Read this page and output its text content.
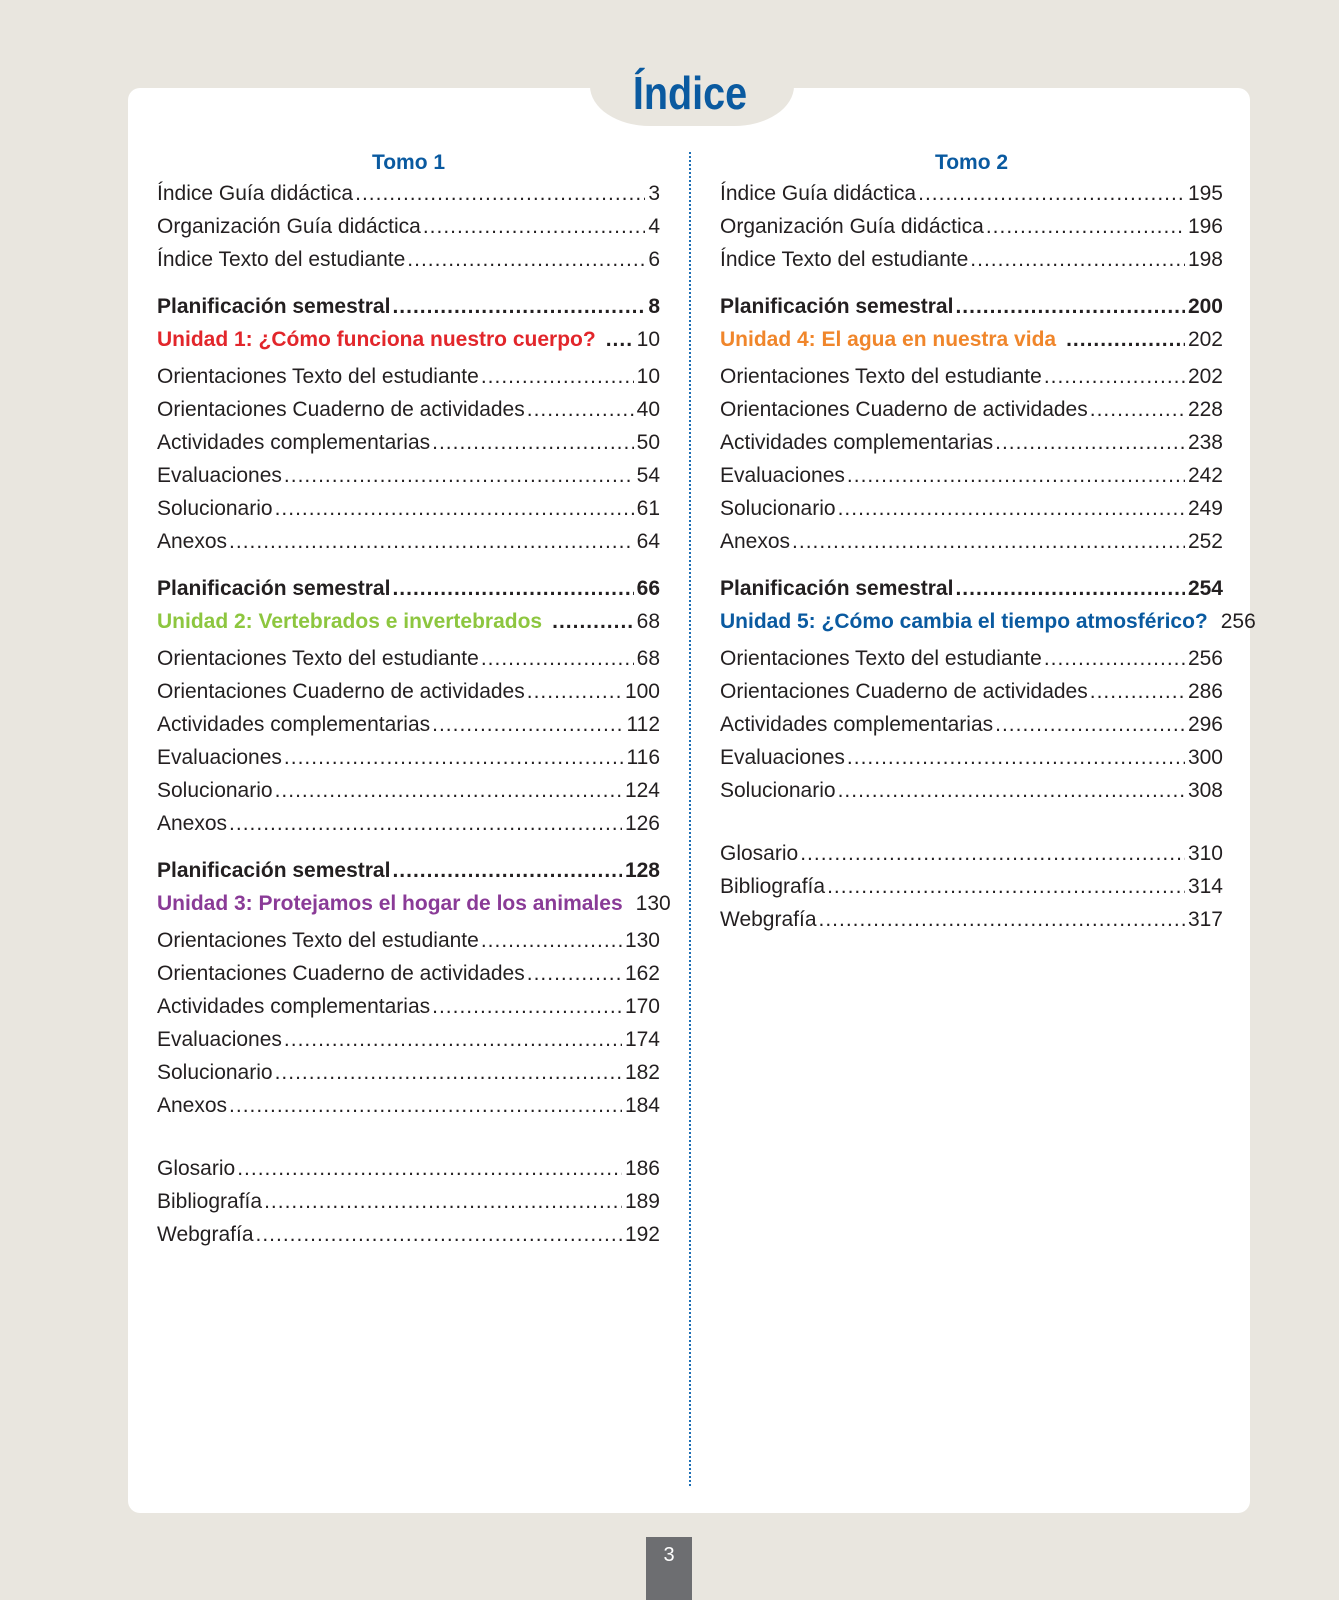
Índice
Tomo 1
Índice Guía didáctica .....	3
Organización Guía didáctica .....	4
Índice Texto del estudiante .....	6
Planificación semestral .....	8
Unidad 1: ¿Cómo funciona nuestro cuerpo? ..... 10
Orientaciones Texto del estudiante .....	10
Orientaciones Cuaderno de actividades .....	40
Actividades complementarias .....	50
Evaluaciones .....	54
Solucionario .....	61
Anexos .....	64
Planificación semestral .....	66
Unidad 2: Vertebrados e invertebrados .....	68
Orientaciones Texto del estudiante .....	68
Orientaciones Cuaderno de actividades .....	100
Actividades complementarias .....	112
Evaluaciones .....	116
Solucionario .....	124
Anexos .....	126
Planificación semestral .....	128
Unidad 3: Protejamos el hogar de los animales 130
Orientaciones Texto del estudiante .....	130
Orientaciones Cuaderno de actividades .....	162
Actividades complementarias .....	170
Evaluaciones .....	174
Solucionario .....	182
Anexos .....	184
Glosario .....	186
Bibliografía .....	189
Webgrafía .....	192
Tomo 2
Índice Guía didáctica .....	195
Organización Guía didáctica .....	196
Índice Texto del estudiante .....	198
Planificación semestral .....	200
Unidad 4: El agua en nuestra vida .....	202
Orientaciones Texto del estudiante .....	202
Orientaciones Cuaderno de actividades .....	228
Actividades complementarias .....	238
Evaluaciones .....	242
Solucionario .....	249
Anexos .....	252
Planificación semestral .....	254
Unidad 5: ¿Cómo cambia el tiempo atmosférico? 256
Orientaciones Texto del estudiante .....	256
Orientaciones Cuaderno de actividades .....	286
Actividades complementarias .....	296
Evaluaciones .....	300
Solucionario .....	308
Glosario .....	310
Bibliografía .....	314
Webgrafía .....	317
3
